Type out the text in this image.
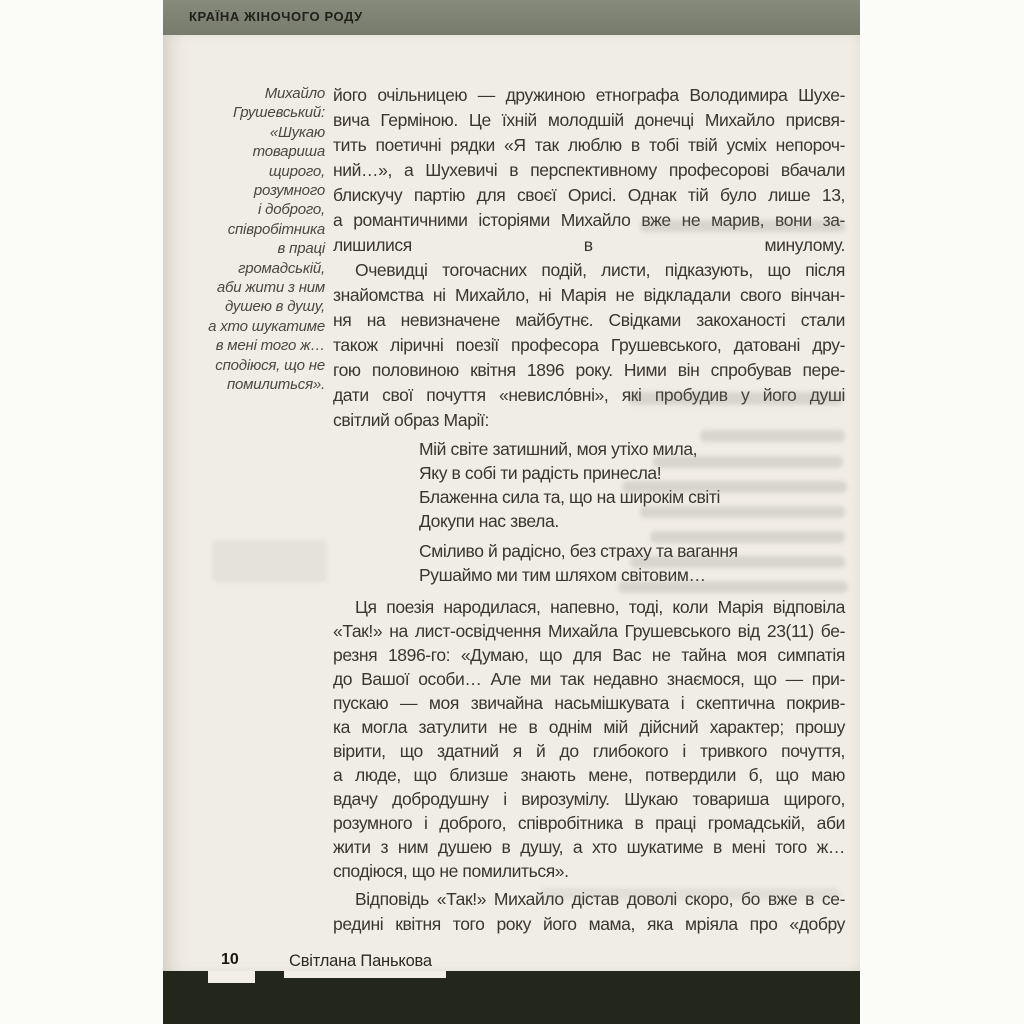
КРАЇНА ЖІНОЧОГО РОДУ
Михайло
Грушевський:
«Шукаю
товариша
щирого,
розумного
і доброго,
співробітника
в праці
громадській,
аби жити з ним
душею в душу,
а хто шукатиме
в мені того ж…
сподіюся, що не
помилиться».
його очільницею — дружиною етнографа Володимира Шухе-
вича Герміною. Це їхній молодшій донечці Михайло присвя-
тить поетичні рядки «Я так люблю в тобі твій усміх непороч-
ний…», а Шухевичі в перспективному професорові вбачали
блискучу партію для своєї Орисі. Однак тій було лише 13,
а романтичними історіями Михайло вже не марив, вони за-
лишилися в минулому.
Очевидці тогочасних подій, листи, підказують, що після
знайомства ні Михайло, ні Марія не відкладали свого вінчан-
ня на невизначене майбутнє. Свідками закоханості стали
також ліричні поезії професора Грушевського, датовані дру-
гою половиною квітня 1896 року. Ними він спробував пере-
дати свої почуття «невисло́вні», які пробудив у його душі
світлий образ Марії:
Мій світе затишний, моя утіхо мила,
Яку в собі ти радість принесла!
Блаженна сила та, що на широкім світі
Докупи нас звела.
Сміливо й радісно, без страху та вагання
Рушаймо ми тим шляхом світовим…
Ця поезія народилася, напевно, тоді, коли Марія відповіла
«Так!» на лист-освідчення Михайла Грушевського від 23(11) бе-
резня 1896-го: «Думаю, що для Вас не тайна моя симпатія
до Вашої особи… Але ми так недавно знаємося, що — при-
пускаю — моя звичайна насьмішкувата і скептична покрив-
ка могла затулити не в однім мій дійсний характер; прошу
вірити, що здатний я й до глибокого і тривкого почуття,
а люде, що близше знають мене, потвердили б, що маю
вдачу добродушну і вирозумілу. Шукаю товариша щирого,
розумного і доброго, співробітника в праці громадській, аби
жити з ним душею в душу, а хто шукатиме в мені того ж…
сподіюся, що не помилиться».
Відповідь «Так!» Михайло дістав доволі скоро, бо вже в се-
редині квітня того року його мама, яка мріяла про «добру
10	Світлана Панькова
